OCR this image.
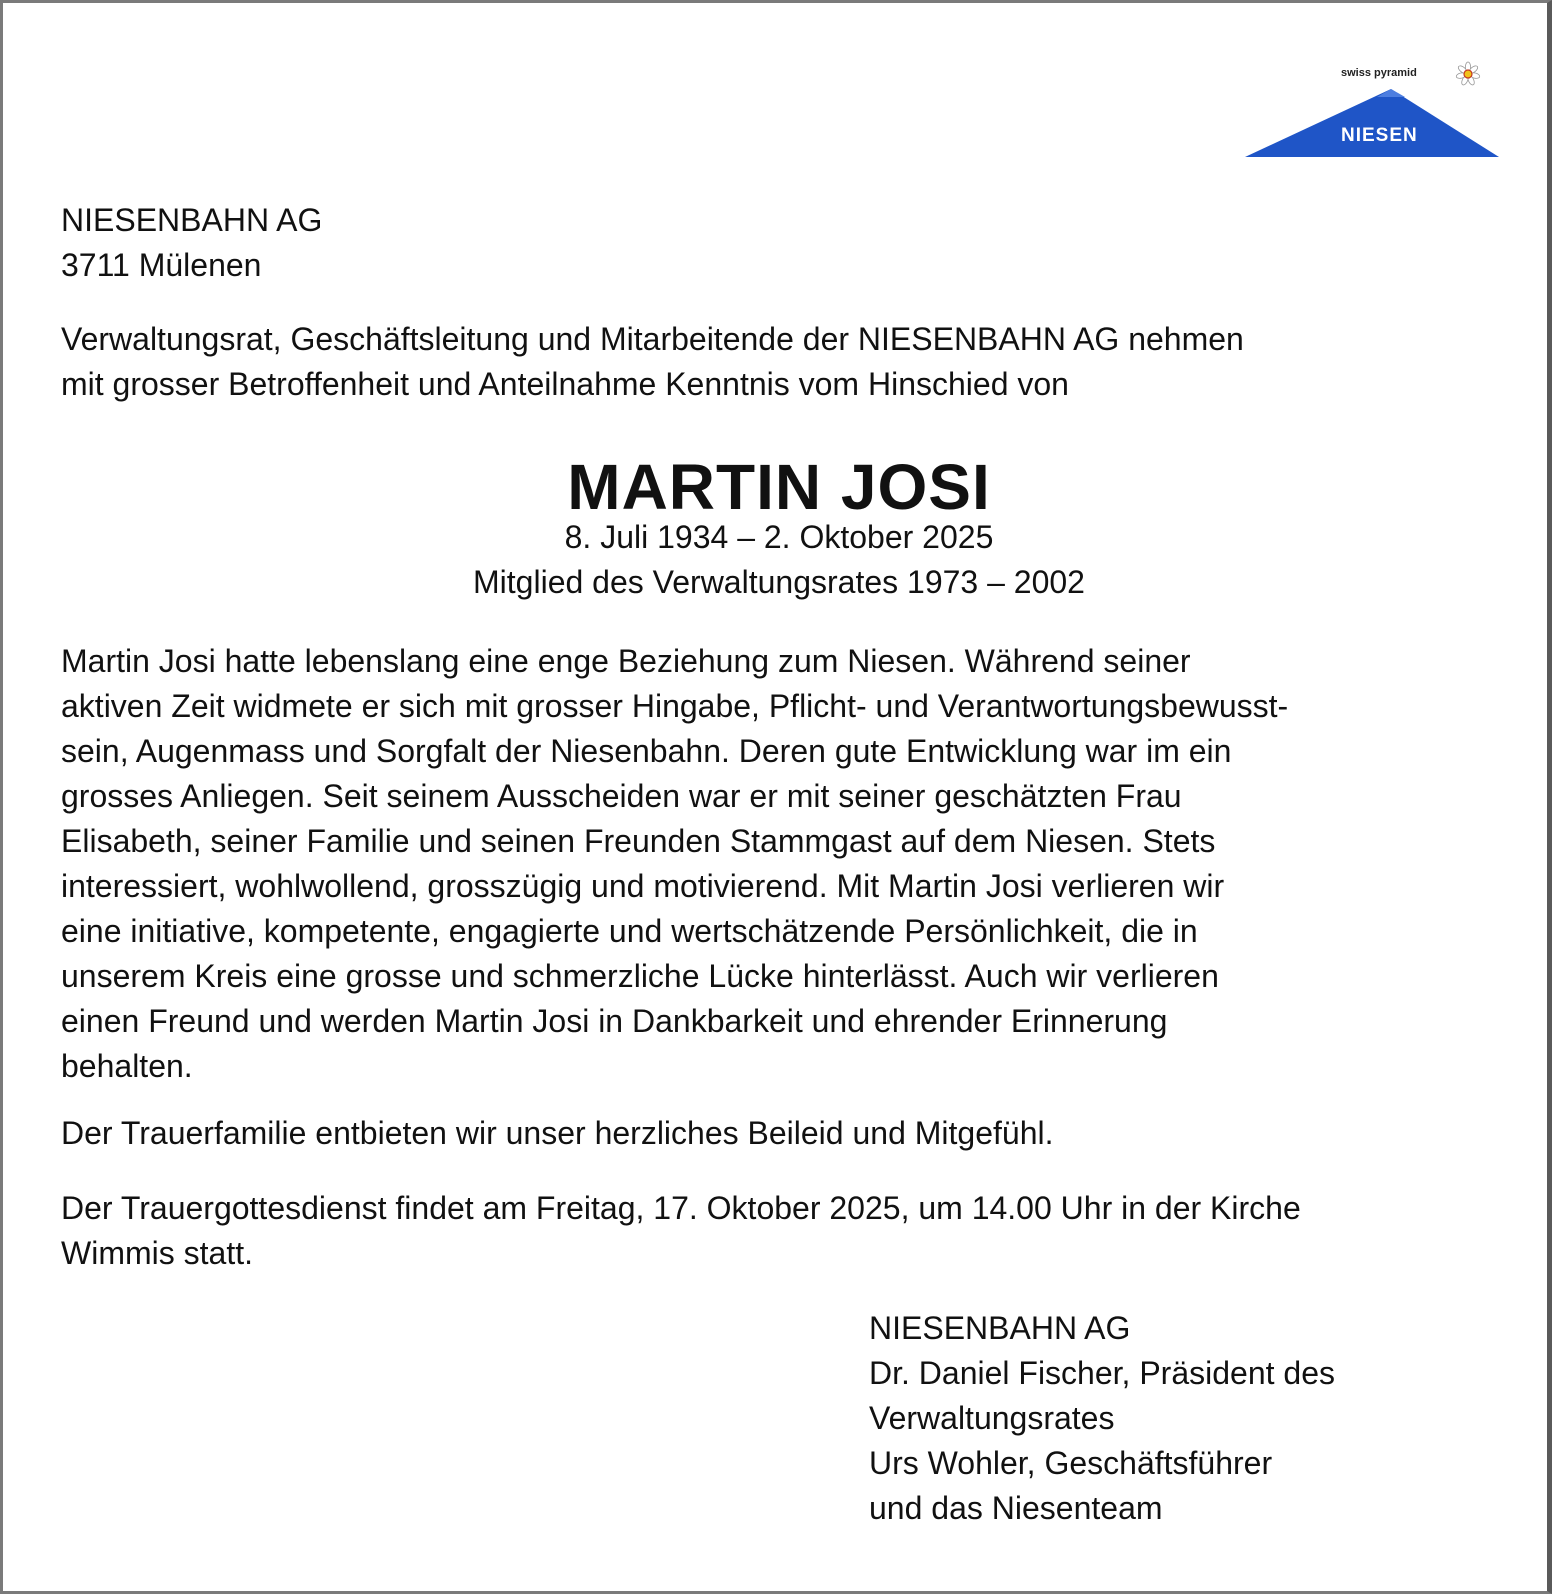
swiss pyramid
NIESEN
NIESENBAHN AG
3711 Mülenen
Verwaltungsrat, Geschäftsleitung und Mitarbeitende der NIESENBAHN AG nehmen
mit grosser Betroffenheit und Anteilnahme Kenntnis vom Hinschied von
MARTIN JOSI
8. Juli 1934 – 2. Oktober 2025
Mitglied des Verwaltungsrates 1973 – 2002
Martin Josi hatte lebenslang eine enge Beziehung zum Niesen. Während seiner
aktiven Zeit widmete er sich mit grosser Hingabe, Pflicht- und Verantwortungsbewusst-
sein, Augenmass und Sorgfalt der Niesenbahn. Deren gute Entwicklung war im ein
grosses Anliegen. Seit seinem Ausscheiden war er mit seiner geschätzten Frau
Elisabeth, seiner Familie und seinen Freunden Stammgast auf dem Niesen. Stets
interessiert, wohlwollend, grosszügig und motivierend. Mit Martin Josi verlieren wir
eine initiative, kompetente, engagierte und wertschätzende Persönlichkeit, die in
unserem Kreis eine grosse und schmerzliche Lücke hinterlässt. Auch wir verlieren
einen Freund und werden Martin Josi in Dankbarkeit und ehrender Erinnerung
behalten.
Der Trauerfamilie entbieten wir unser herzliches Beileid und Mitgefühl.
Der Trauergottesdienst findet am Freitag, 17. Oktober 2025, um 14.00 Uhr in der Kirche
Wimmis statt.
NIESENBAHN AG
Dr. Daniel Fischer, Präsident des
Verwaltungsrates
Urs Wohler, Geschäftsführer
und das Niesenteam
